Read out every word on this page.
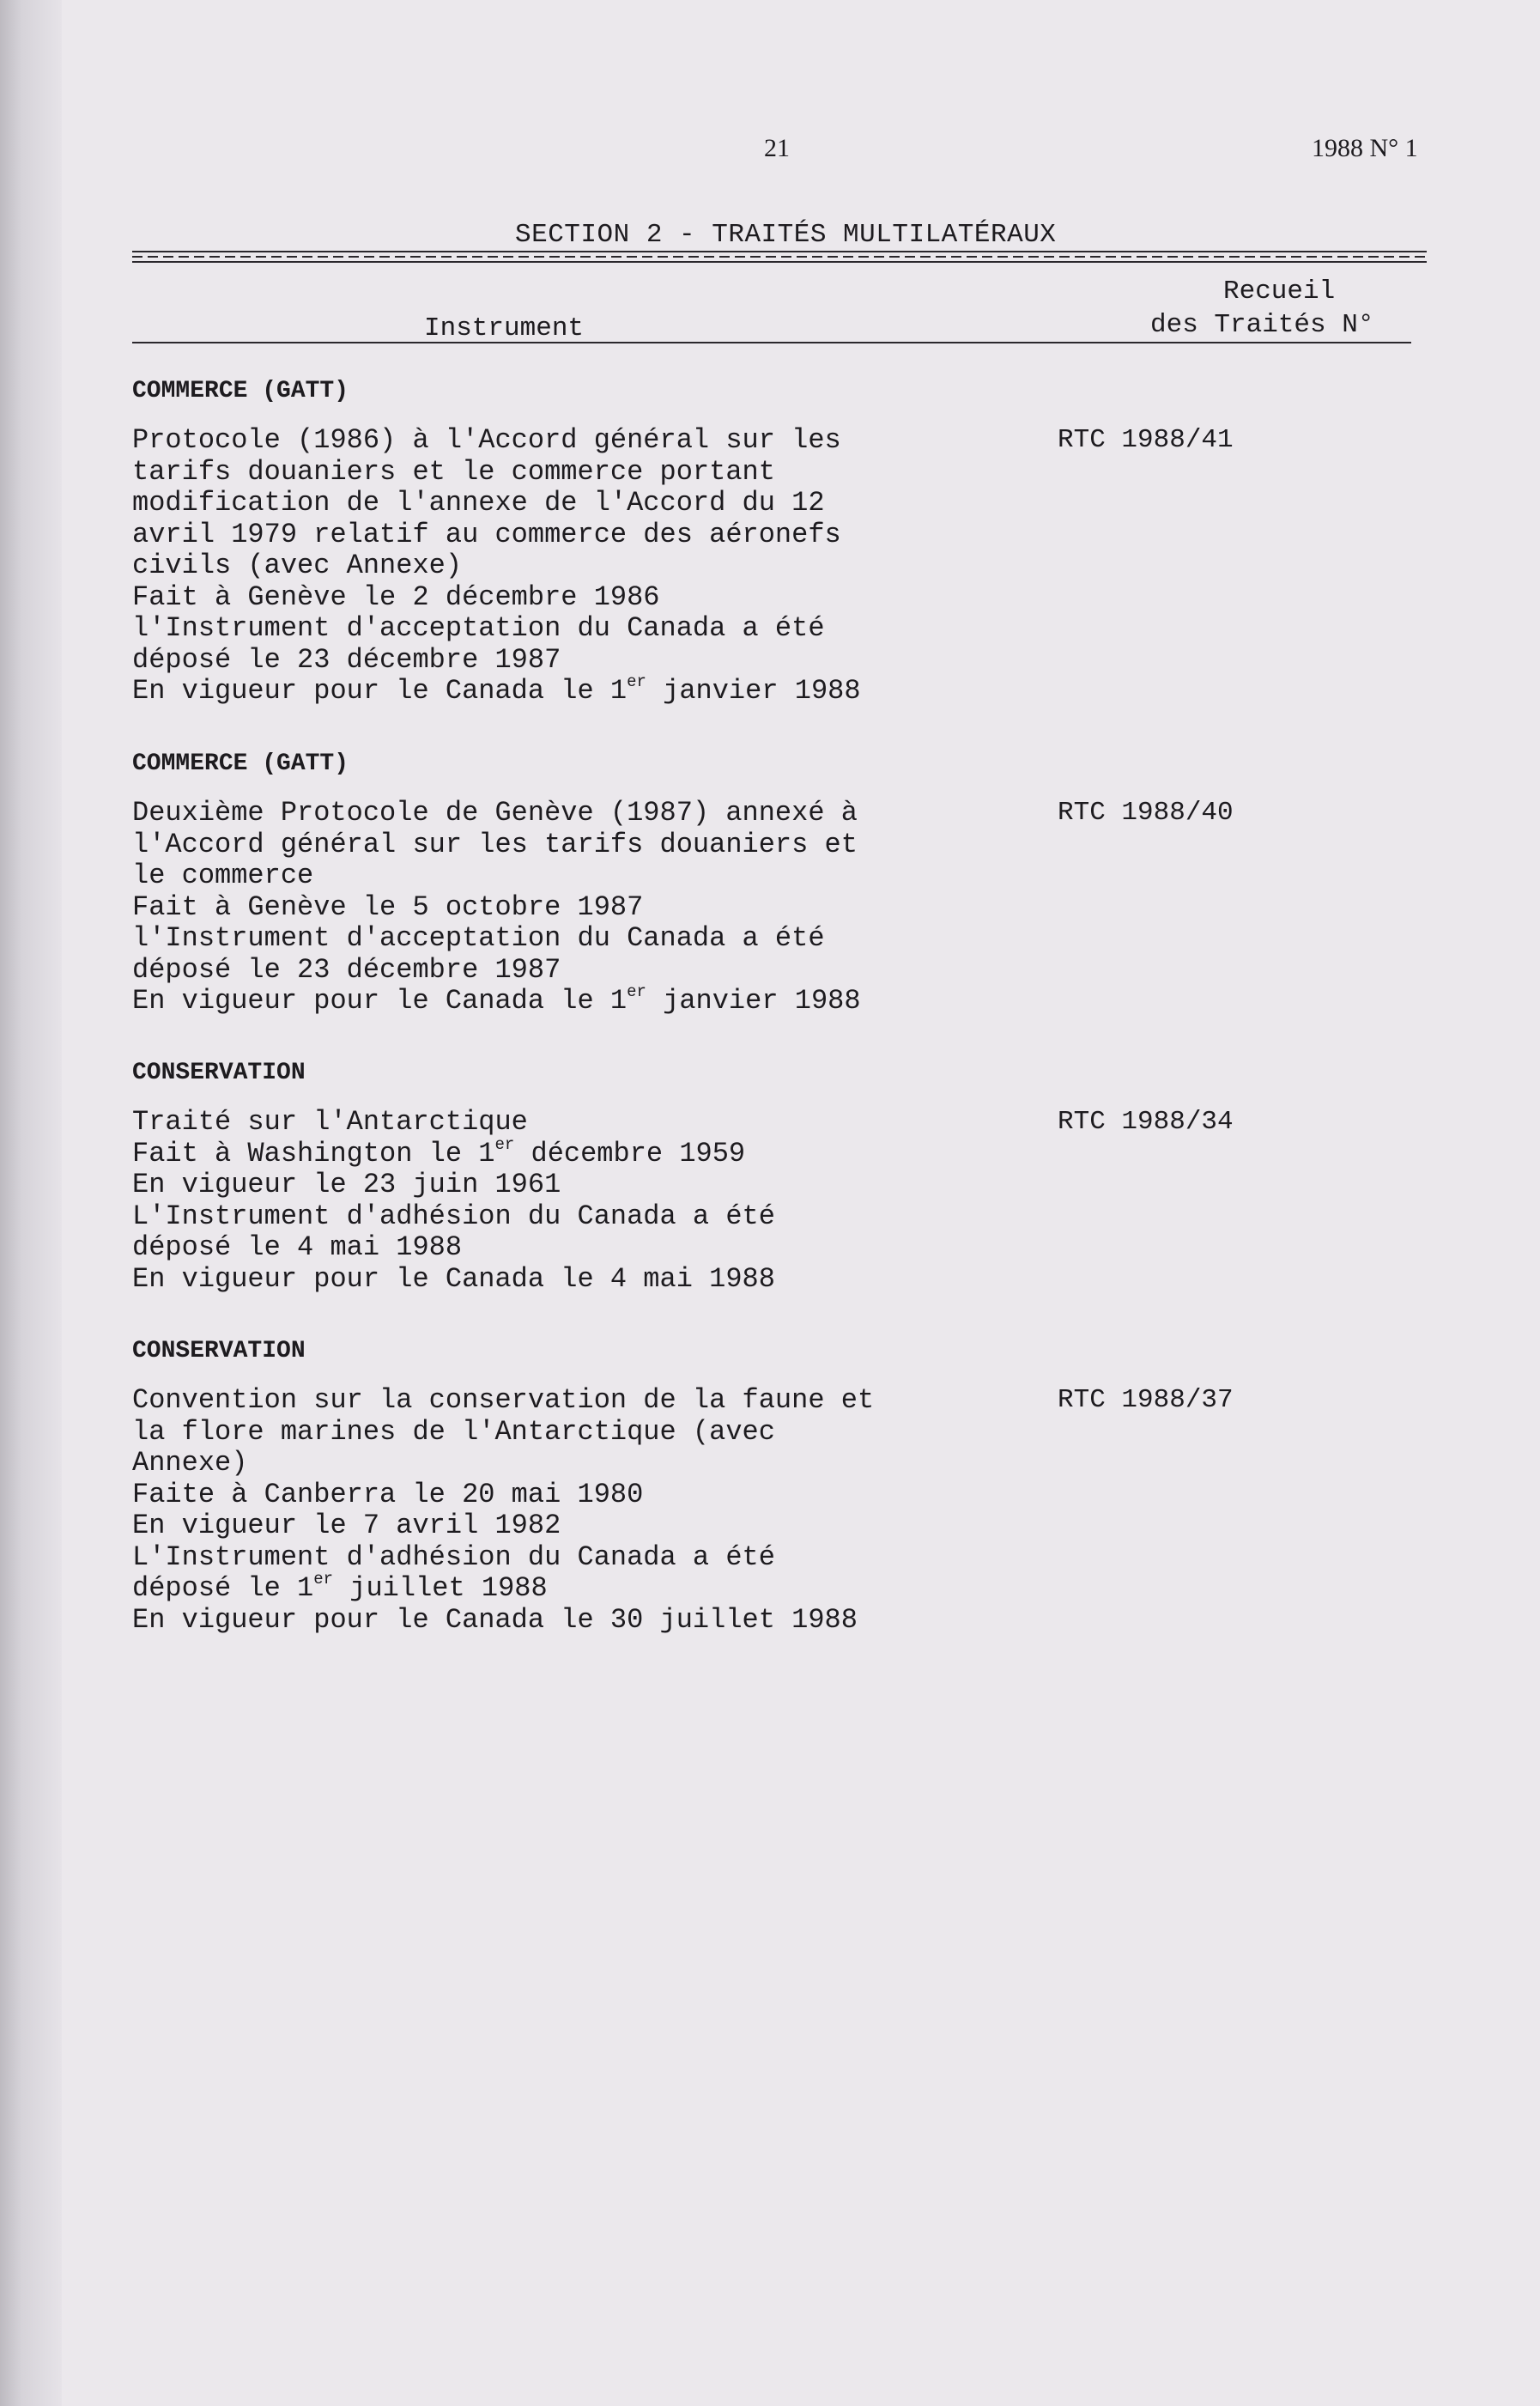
21	1988 N° 1
SECTION 2 - TRAITÉS MULTILATÉRAUX
Recueil
Instrument	des Traités N°
COMMERCE (GATT)
RTC 1988/41
Protocole (1986) à l'Accord général sur les
tarifs douaniers et le commerce portant
modification de l'annexe de l'Accord du 12
avril 1979 relatif au commerce des aéronefs
civils (avec Annexe)
Fait à Genève le 2 décembre 1986
l'Instrument d'acceptation du Canada a été
déposé le 23 décembre 1987
En vigueur pour le Canada le 1er janvier 1988
COMMERCE (GATT)
RTC 1988/40
Deuxième Protocole de Genève (1987) annexé à
l'Accord général sur les tarifs douaniers et
le commerce
Fait à Genève le 5 octobre 1987
l'Instrument d'acceptation du Canada a été
déposé le 23 décembre 1987
En vigueur pour le Canada le 1er janvier 1988
CONSERVATION
RTC 1988/34
Traité sur l'Antarctique
Fait à Washington le 1er décembre 1959
En vigueur le 23 juin 1961
L'Instrument d'adhésion du Canada a été
déposé le 4 mai 1988
En vigueur pour le Canada le 4 mai 1988
CONSERVATION
RTC 1988/37
Convention sur la conservation de la faune et
la flore marines de l'Antarctique (avec
Annexe)
Faite à Canberra le 20 mai 1980
En vigueur le 7 avril 1982
L'Instrument d'adhésion du Canada a été
déposé le 1er juillet 1988
En vigueur pour le Canada le 30 juillet 1988
